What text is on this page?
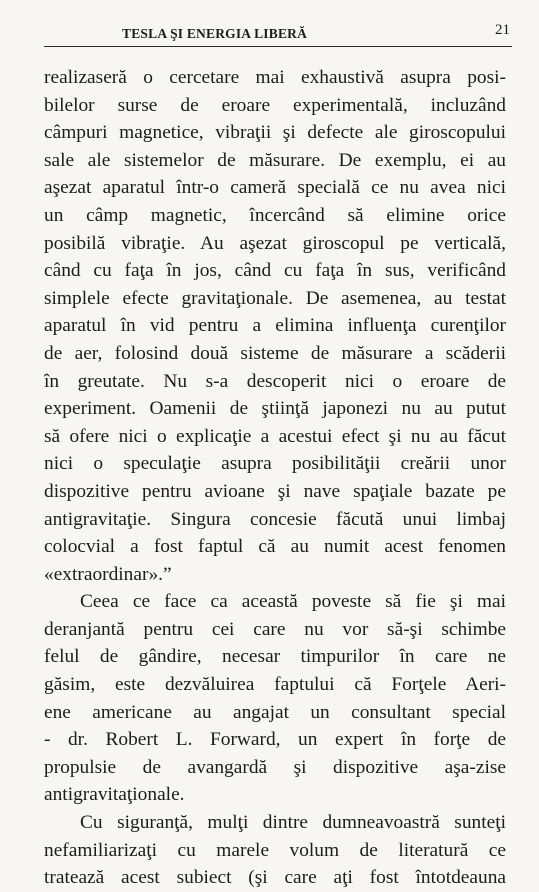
TESLA ŞI ENERGIA LIBERĂ	21

realizaseră o cercetare mai exhaustivă asupra posi-
bilelor surse de eroare experimentală, incluzând
câmpuri magnetice, vibraţii şi defecte ale giroscopului
sale ale sistemelor de măsurare. De exemplu, ei au
aşezat aparatul într-o cameră specială ce nu avea nici
un câmp magnetic, încercând să elimine orice
posibilă vibraţie. Au aşezat giroscopul pe verticală,
când cu faţa în jos, când cu faţa în sus, verificând
simplele efecte gravitaţionale. De asemenea, au testat
aparatul în vid pentru a elimina influenţa curenţilor
de aer, folosind două sisteme de măsurare a scăderii
în greutate. Nu s-a descoperit nici o eroare de
experiment. Oamenii de ştiinţă japonezi nu au putut
să ofere nici o explicaţie a acestui efect şi nu au făcut
nici o speculaţie asupra posibilităţii creării unor
dispozitive pentru avioane şi nave spaţiale bazate pe
antigravitaţie. Singura concesie făcută unui limbaj
colocvial a fost faptul că au numit acest fenomen
«extraordinar».”

Ceea ce face ca această poveste să fie şi mai
deranjantă pentru cei care nu vor să-şi schimbe
felul de gândire, necesar timpurilor în care ne
găsim, este dezvăluirea faptului că Forţele Aeri-
ene americane au angajat un consultant special
- dr. Robert L. Forward, un expert în forţe de
propulsie de avangardă şi dispozitive aşa-zise
antigravitaţionale.

Cu siguranţă, mulţi dintre dumneavoastră sunteţi
nefamiliarizaţi cu marele volum de literatură ce
tratează acest subiect (şi care aţi fost întotdeauna
